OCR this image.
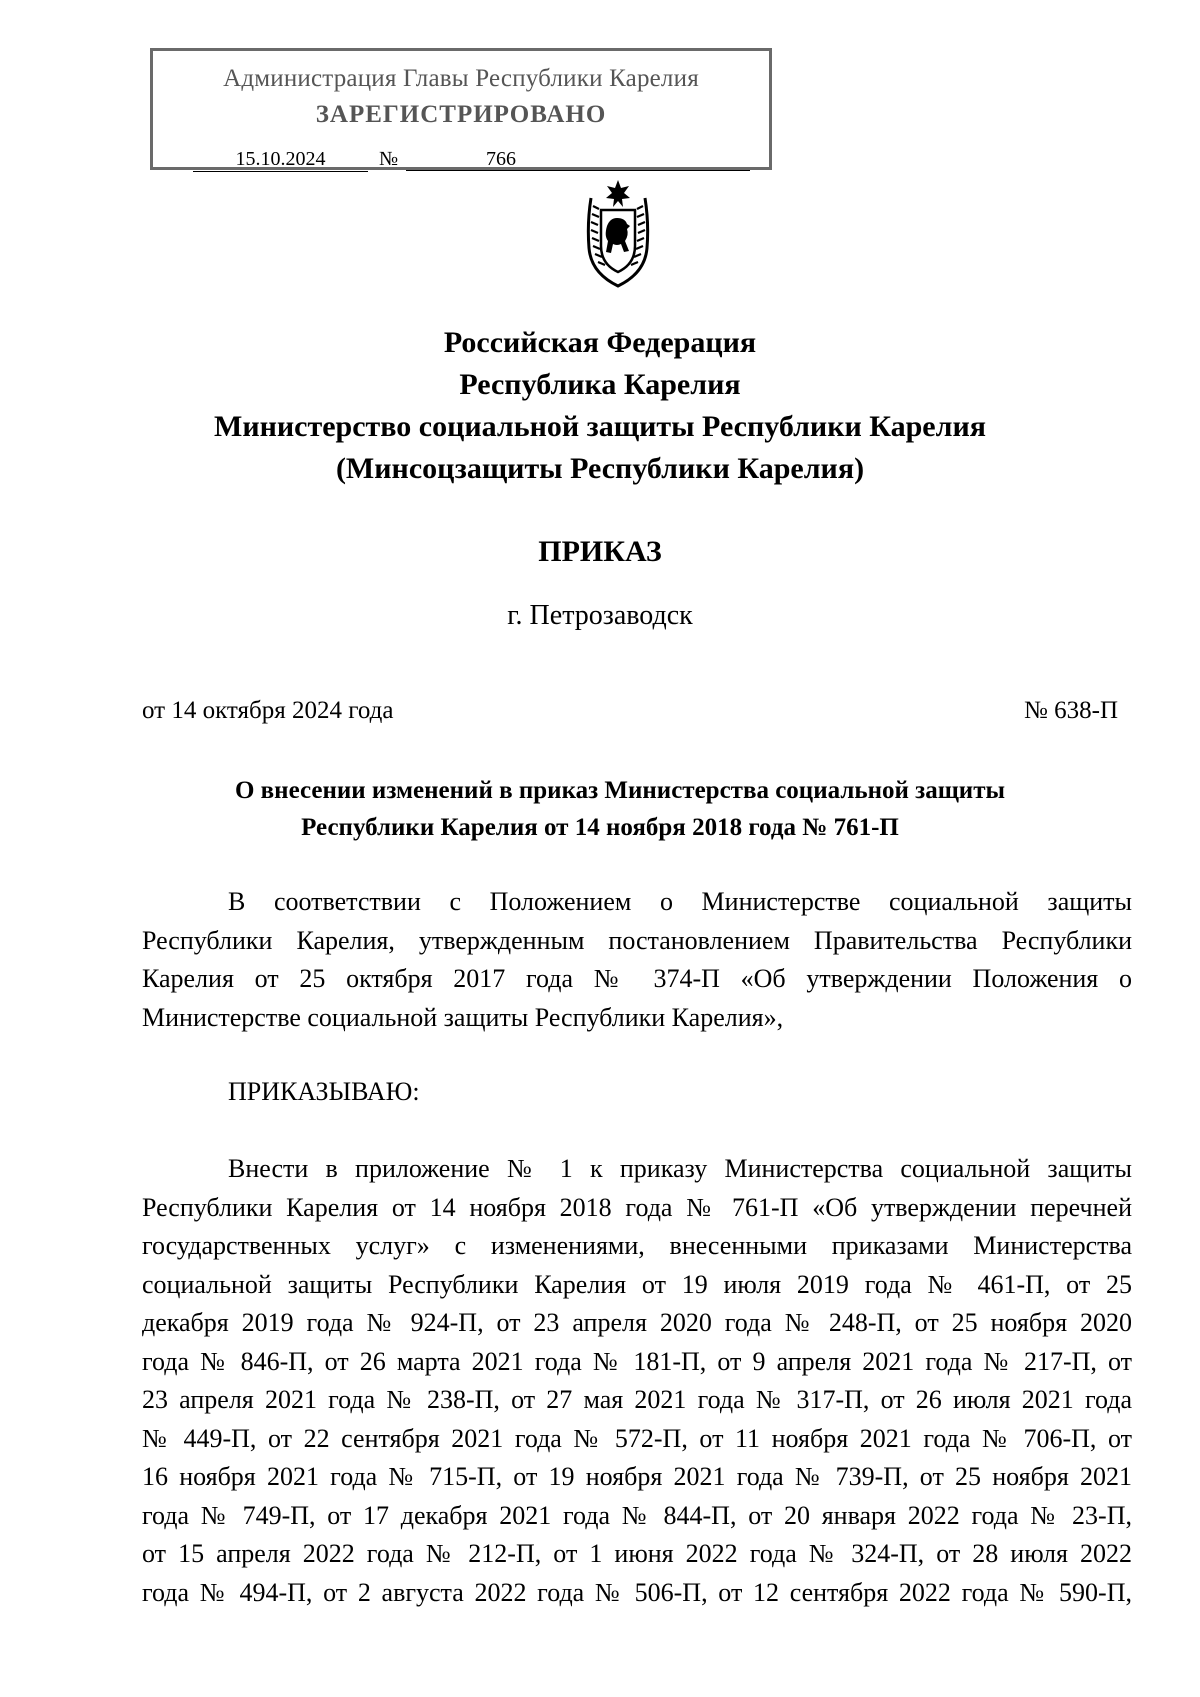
Администрация Главы Республики Карелия
ЗАРЕГИСТРИРОВАНО
15.10.2024	№	766
Российская Федерация
Республика Карелия
Министерство социальной защиты Республики Карелия
(Минсоцзащиты Республики Карелия)
ПРИКАЗ
г. Петрозаводск
от 14 октября 2024 года	№ 638-П
О внесении изменений в приказ Министерства социальной защиты
Республики Карелия от 14 ноября 2018 года № 761-П
В соответствии с Положением о Министерстве социальной защиты
Республики Карелия, утвержденным постановлением Правительства Республики
Карелия от 25 октября 2017 года № 374-П «Об утверждении Положения о
Министерстве социальной защиты Республики Карелия»,
ПРИКАЗЫВАЮ:
Внести в приложение № 1 к приказу Министерства социальной защиты
Республики Карелия от 14 ноября 2018 года № 761-П «Об утверждении перечней
государственных услуг» с изменениями, внесенными приказами Министерства
социальной защиты Республики Карелия от 19 июля 2019 года № 461-П, от 25
декабря 2019 года № 924-П, от 23 апреля 2020 года № 248-П, от 25 ноября 2020
года № 846-П, от 26 марта 2021 года № 181-П, от 9 апреля 2021 года № 217-П, от
23 апреля 2021 года № 238-П, от 27 мая 2021 года № 317-П, от 26 июля 2021 года
№ 449-П, от 22 сентября 2021 года № 572-П, от 11 ноября 2021 года № 706-П, от
16 ноября 2021 года № 715-П, от 19 ноября 2021 года № 739-П, от 25 ноября 2021
года № 749-П, от 17 декабря 2021 года № 844-П, от 20 января 2022 года № 23-П,
от 15 апреля 2022 года № 212-П, от 1 июня 2022 года № 324-П, от 28 июля 2022
года № 494-П, от 2 августа 2022 года № 506-П, от 12 сентября 2022 года № 590-П,
